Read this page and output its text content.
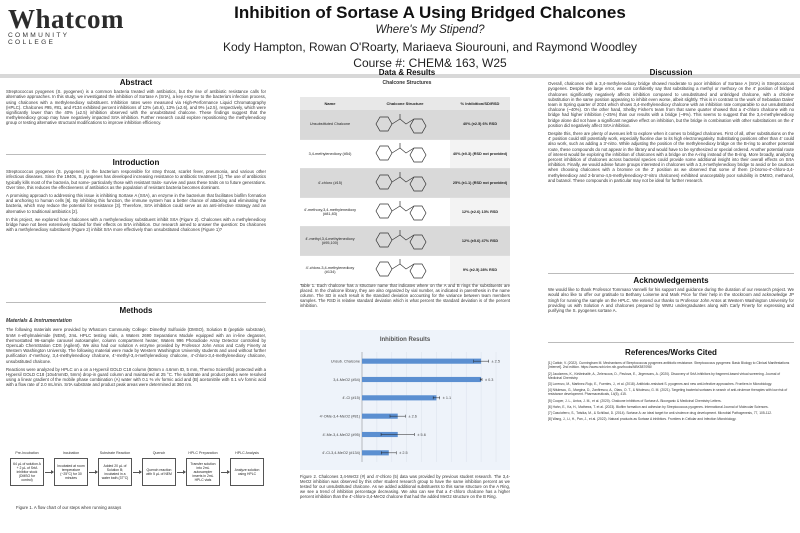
Whatcom
COMMUNITY COLLEGE
Inhibition of Sortase A Using Bridged Chalcones
Where's My Stipend?
Kody Hampton, Rowan O'Roarty, Mariaeva Siourouni, and Raymond Woodley
Course #: CHEM& 163, W25
Abstract

Streptococcus pyogenes (S. pyogenes) is a common bacteria treated with antibiotics, but the rise of antibiotic resistance calls for alternative approaches. In this study, we investigated the inhibition of Sortase A (SrtA), a key enzyme to the bacteria's infection process, using chalcones with a methylenedioxy substituent. Inhibition rates were measured via High-Performance Liquid Chromatography (HPLC). Chalcones #95, #81, and #134 exhibited percent inhibitions of 12% (±5.6), 13% (±2.6), and 9% (±2.5), respectively, which were significantly lower than the 40% (±2.5) inhibition observed with the unsubstituted chalcone. These findings suggest that the methylenedioxy group may have negatively impacted SrtA inhibition. Further research could explore repositioning the methylenedioxy group or testing alternative structural modifications to improve inhibition efficiency.

Introduction

Streptococcus pyogenes (S. pyogenes) is the bacterium responsible for strep throat, scarlet fever, pneumonia, and various other infectious diseases. Since the 1940s, S. pyogenes has developed increasing resistance to antibiotic treatment [1]. The use of antibiotics typically kills most of the bacteria, but some- particularly those with resistant traits- survive and pass these traits on to future generations. Over time, this reduces the effectiveness of antibiotics as the population of resistant bacteria becomes dominant.

A promising approach to addressing this issue is inhibiting Sortase A (SrtA), an enzyme in the bacterium that facilitates biofilm formation and anchoring to human cells [6]. By inhibiting this function, the immune system has a better chance of attacking and eliminating the bacteria, which may reduce the potential for resistance [3]. Therefore, SrtA inhibition could serve as an anti-infective strategy and an alternative to traditional antibiotics [2].

In this project, we explored how chalcones with a methylenedioxy substituent inhibit SrtA (Figure 2). Chalcones with a methylenedioxy bridge have not been extensively studied for their effects on SrtA inhibition. Our research aimed to answer the question: Do chalcones with a methylenedioxy substituent (Figure 2) inhibit SrtA more effectively than unsubstituted chalcones (Figure 1)?

Methods

Materials & Instrumentation

The following materials were provided by Whatcom Community College: Dimethyl Sulfoxide (DMSO), Solution B (peptide substrate), 5mM n-ethylmaleimide (NEM), 2mL HPLC testing vials, a Waters 2690 Separations Module equipped with an in-line degasser, thermostatted 96-sample carousel autosampler, column compartment heater, Waters 996 Photodiode Array Detector controlled by OpenLab ChemStation CDS (Agilent). We also had our solution A enzyme provided by Professor John Antos and Carly Finerty at Western Washington University. The following material were made by Western Washington University students and used without further purification 4'-methoxy, 3,4-methylenedioxy chalcone, 4'-methyl-3,4-methylenedioxy chalcone, 4'-chloro-3,4-methylenedioxy chalcone, unsubstituted chalcone.

Reactions were analyzed by HPLC on a on a Hypersil GOLD C18 column (50mm x 4.6mm ID, 5 mm, Thermo Scientific) protected with a Hypersil GOLD C18 (10x4mmID, 5mm) drop-in guard column and maintained at 25 °C. The substrate and product peaks were resolved using a linear gradient of the mobile phase combination (A) water with 0.1 % v/v formic acid and (B) acetonitrile with 0.1 v/v formic acid with a flow rate of 2.0 mL/min. SrtA substrate and product peak areas were determined at 360 nm.

Pre-Incubation	Incubation	Substrate Reaction	Quench	HPLC Preparation	HPLC Analysis
64 µL of solution A + 2 µL of SrtA inhibitor stock (DMSO for control)
Incubated at room temperature (~25°C) for 30 minutes
Added 20 µL of Solution B; incubated in a water bath (37°C)
Quench reaction with 5 µL of NEM
Transfer solution into 2mL autosampler inserts in 2mL HPLC vials
Analyze solution using HPLC
Figure 1. A flow chart of our steps when running assays
Data & Results
Chalcone Structures
Name	Chalcone Structure	% Inhibition/SD/RSD
Unsubstituted Chalcone		40% (±2.5) 6% RSD
3,4-methylenedioxy (#54)		40% (±0.3) (RSD not provided)
4'-chloro (#15)		25% (±1.1) (RSD not provided)
4'-methoxy,3,4-methylenedioxy (#81,83)		12% (±2.6) 13% RSD
4'-methyl,3,4-methylenedioxy (#95,100)		12% (±5.6) 47% RSD
4'-chloro-3,4-methylenedioxy (#134)		9% (±2.5) 28% RSD
Table 1. Each chalcone has a structure name that indicates where on the A and B rings the substituents are placed. In the chalcone library, they are also organized by vial number, as indicated in parenthesis in the name column. The SD in each result is the standard deviation accounting for the variance between team members samples. The RSD is relative standard deviation which is what percent the standard deviation is of the percent inhibition.
Inhibition Results
Unsub. Chalcone	± 2.5
3,4-MeO2 (#54)	± 0.3
4'-Cl (#15)	± 1.1
4'-OMe-3,4-MeO2 (#81)	± 2.6
4'-Me-3,4-MeO2 (#95)	± 5.6
4'-Cl-3,4-MeO2 (#134)	± 2.5
Figure 2. Chalcones 3,4-MeO2 (#) and 4'-chloro (5) data was provided by previous student research. The 3,4-MeO2 inhibition was observed by this other student research group to have the same inhibition percent as we tested for our unsubstituted chalcone. As we added additional substituents to this same structure on the A Ring, we see a trend of inhibition percentage decreasing. We also can see that a 4'-chloro chalcone has a higher percent inhibition than the 4'-chloro-3,4-MeO2 chalcone that had the added MeO2 structure on the B Ring.
Discussion

Overall, chalcones with a 3,4-methylenedioxy bridge showed moderate to poor inhibition of Sortase A (SrtA) in Streptococcus pyogenes. Despite the large error, we can confidently say that substituting a methyl or methoxy on the 4' position of bridged chalcones significantly negatively affects inhibition compared to unsubstituted and unbridged chalcone, with a chlorine substitution in the same position appearing to inhibit even worse, albeit slightly. This is in contrast to the work of Sebastian Dales' team in Spring quarter of 2024 which shows 3,4-methylenedioxy chalcone with an inhibition rate comparable to our unsubstituted chalcone (~40%). On the other hand, Shelby Fisher's team from that same quarter showed that a 4'-chloro chalcone with no bridge had higher inhibition (~25%) than our results with a bridge (~9%). This seems to suggest that the 3,4-methylenedioxy bridge alone did not have a significant negative effect on inhibition, but the bridge in combination with other substitutions on the 4' position did negatively affect SrtA inhibition.

Despite this, there are plenty of avenues left to explore when it comes to bridged chalcones. First of all, other substitutions on the 4' position could still potentially work, especially fluorine due to its high electronegativity. Substituting positions other than 4' could also work, such as adding a 3'-nitro. While adjusting the position of the methylenedioxy bridge on the B-ring to another potential route, these compounds do not appear in the library and would have to be synthesized or special ordered. Another potential route of interest would be exploring the inhibition of chalcones with a bridge on the A-ring instead of the B-ring. More broadly, analyzing percent inhibition of chalcones across bacterial species could provide some additional insight into their overall effects on SrtA inhibition. Finally, we would advise future groups interested in chalcones with a 3,4-methylenedioxy bridge to avoid or be cautious when choosing chalcones with a bromine on the 2' position as we observed that some of them (2-bromo-4'-chloro-3,4-methylenedioxy and 2-bromo-4,5-methylenedioxy-3'-nitro chalcones) exhibited unacceptably poor solubility in DMSO, methanol, and butanol. These compounds in particular may not be ideal for further research.

Acknowledgements

We would like to thank Professor Tommaso Vannelli for his support and guidance during the duration of our research project. We would also like to offer our gratitude to Bethany Loiseme and Mark Price for their help in the stockroom and acknowledge JP Singh for running the sample on the HPLC. We extend our thanks to Professor John Antos at Western Washington University for providing us with Solution A and chalcones prepared by WWU undergraduates along with Carly Finerty for expressing and purifying the S. pyogenes sortase A.

References/Works Cited
[1] Cattoir, V. (2022). Cunningham M. Mechanisms of Streptococcus pyogenes antibiotic resistance. Streptococcus pyogenes: Basic Biology to Clinical Manifestations [Internet]. 2nd edition. https://www.ncbi.nlm.nih.gov/books/NBK587098/
[2] Jaudzems, K., Kiršteinaitė, A., Zelencova, D., Pavlova, E., Jirgensons, A. (2020). Discovery of SrtA inhibitors by fragment-based virtual screening. Journal of Medicinal Chemistry.
[3] Lorenzo, M., Martinez-Rojo, E., Fuentes, J., et al. (2018). Antibiotic-resistant S. pyogenes and new anti-infective approaches. Frontiers in Microbiology.
[4] Nitulescu, G., Margina, D., Zanfirescu, A., Olaru, O. T., & Nitulescu, G. M. (2021). Targeting bacterial sortases in search of anti-virulence therapies with low risk of resistance development. Pharmaceuticals, 14(5), 415.
[5] Cooper, J. L., Antos, J. M., et al. (2020). Chalcone inhibitors of Sortase A. Bioorganic & Medicinal Chemistry Letters.
[6] Hahn, E., Ka, H., Mathews, T. et al. (2023). Biofilm formation and adhesion by Streptococcus pyogenes. International Journal of Molecular Sciences.
[7] Cascioferro, S., Totsika, M., & Schillaci, D. (2014). Sortase A: an ideal target for anti-virulence drug development. Microbial Pathogenesis, 77, 105-112.
[8] Wang, J., Li, H., Pan, J., et al. (2022). Natural products as Sortase A inhibitors. Frontiers in Cellular and Infection Microbiology.
